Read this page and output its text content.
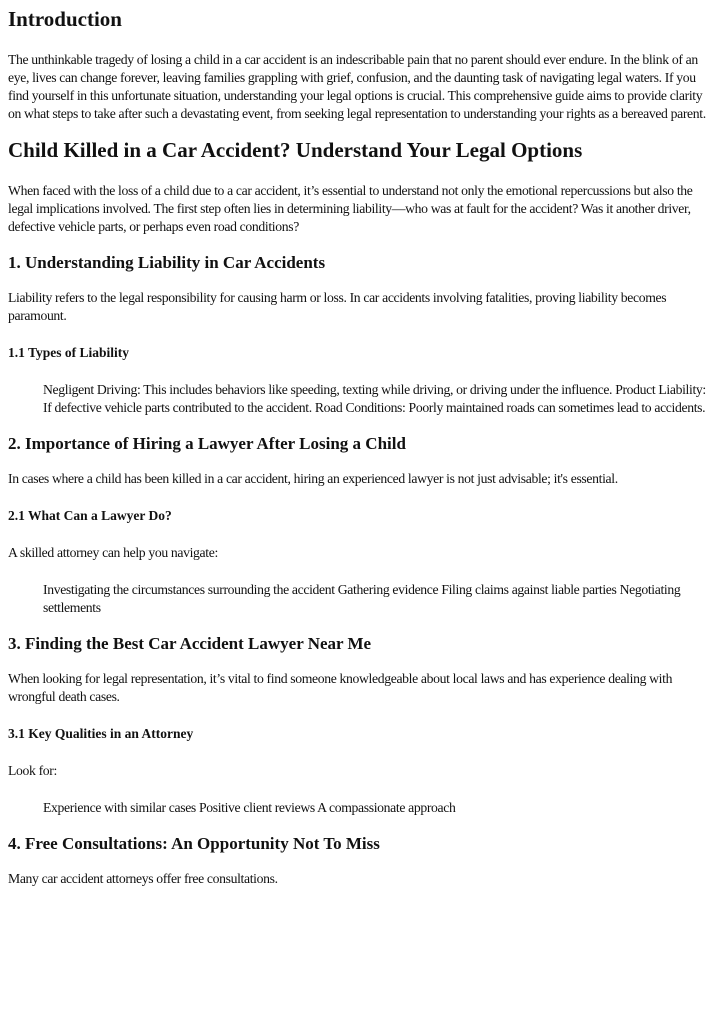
Introduction

The unthinkable tragedy of losing a child in a car accident is an indescribable pain that no parent should ever endure. In the blink of an eye, lives can change forever, leaving families grappling with grief, confusion, and the daunting task of navigating legal waters. If you find yourself in this unfortunate situation, understanding your legal options is crucial. This comprehensive guide aims to provide clarity on what steps to take after such a devastating event, from seeking legal representation to understanding your rights as a bereaved parent.

Child Killed in a Car Accident? Understand Your Legal Options

When faced with the loss of a child due to a car accident, it’s essential to understand not only the emotional repercussions but also the legal implications involved. The first step often lies in determining liability—who was at fault for the accident? Was it another driver, defective vehicle parts, or perhaps even road conditions?

1. Understanding Liability in Car Accidents

Liability refers to the legal responsibility for causing harm or loss. In car accidents involving fatalities, proving liability becomes paramount.

1.1 Types of Liability

Negligent Driving: This includes behaviors like speeding, texting while driving, or driving under the influence. Product Liability: If defective vehicle parts contributed to the accident. Road Conditions: Poorly maintained roads can sometimes lead to accidents.

2. Importance of Hiring a Lawyer After Losing a Child

In cases where a child has been killed in a car accident, hiring an experienced lawyer is not just advisable; it's essential.

2.1 What Can a Lawyer Do?

A skilled attorney can help you navigate:

Investigating the circumstances surrounding the accident Gathering evidence Filing claims against liable parties Negotiating settlements

3. Finding the Best Car Accident Lawyer Near Me

When looking for legal representation, it’s vital to find someone knowledgeable about local laws and has experience dealing with wrongful death cases.

3.1 Key Qualities in an Attorney

Look for:

Experience with similar cases Positive client reviews A compassionate approach

4. Free Consultations: An Opportunity Not To Miss

Many car accident attorneys offer free consultations.
